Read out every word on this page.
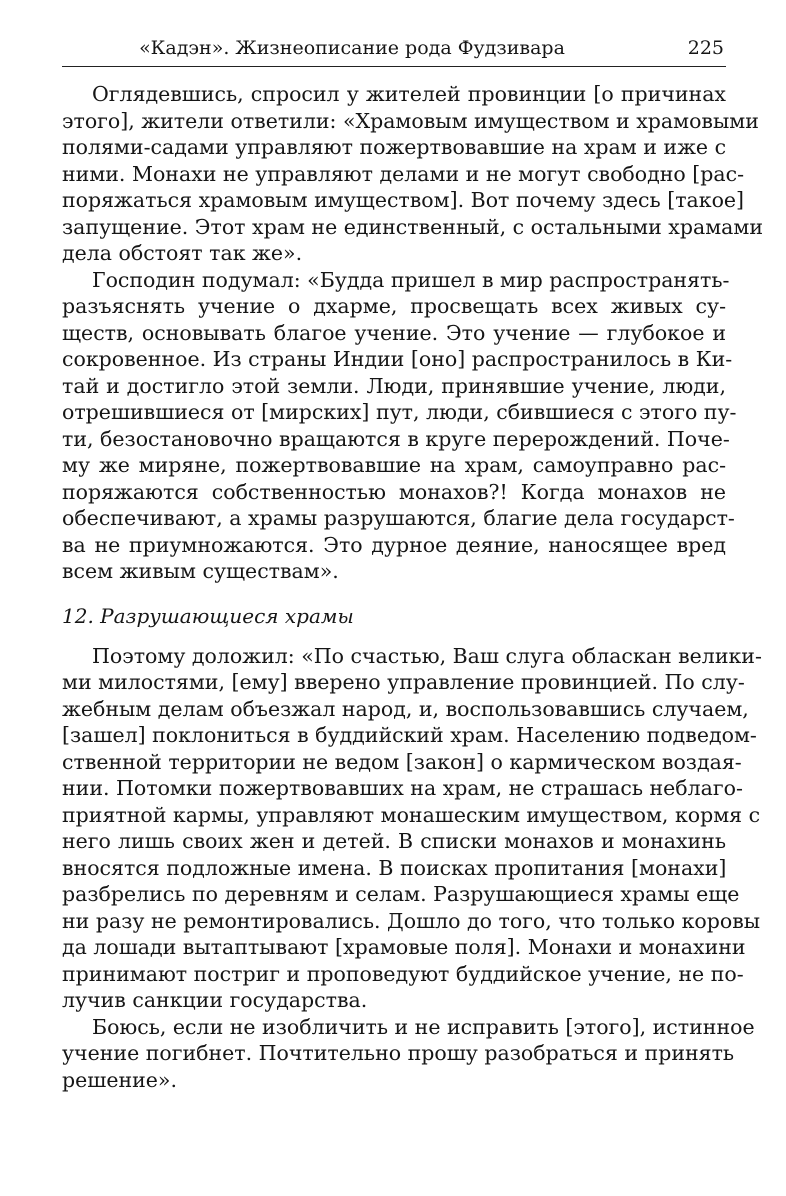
«Кадэн». Жизнеописание рода Фудзивара	225

Оглядевшись, спросил у жителей провинции [о причинах
этого], жители ответили: «Храмовым имуществом и храмовыми
полями-садами управляют пожертвовавшие на храм и иже с
ними. Монахи не управляют делами и не могут свободно [рас-
поряжаться храмовым имуществом]. Вот почему здесь [такое]
запущение. Этот храм не единственный, с остальными храмами
дела обстоят так же».

Господин подумал: «Будда пришел в мир распространять-
разъяснять учение о дхарме, просвещать всех живых су-
ществ, основывать благое учение. Это учение — глубокое и
сокровенное. Из страны Индии [оно] распространилось в Ки-
тай и достигло этой земли. Люди, принявшие учение, люди,
отрешившиеся от [мирских] пут, люди, сбившиеся с этого пу-
ти, безостановочно вращаются в круге перерождений. Поче-
му же миряне, пожертвовавшие на храм, самоуправно рас-
поряжаются собственностью монахов?! Когда монахов не
обеспечивают, а храмы разрушаются, благие дела государст-
ва не приумножаются. Это дурное деяние, наносящее вред
всем живым существам».

12. Разрушающиеся храмы

Поэтому доложил: «По счастью, Ваш слуга обласкан велики-
ми милостями, [ему] вверено управление провинцией. По слу-
жебным делам объезжал народ, и, воспользовавшись случаем,
[зашел] поклониться в буддийский храм. Населению подведом-
ственной территории не ведом [закон] о кармическом воздая-
нии. Потомки пожертвовавших на храм, не страшась неблаго-
приятной кармы, управляют монашеским имуществом, кормя с
него лишь своих жен и детей. В списки монахов и монахинь
вносятся подложные имена. В поисках пропитания [монахи]
разбрелись по деревням и селам. Разрушающиеся храмы еще
ни разу не ремонтировались. Дошло до того, что только коровы
да лошади вытаптывают [храмовые поля]. Монахи и монахини
принимают постриг и проповедуют буддийское учение, не по-
лучив санкции государства.

Боюсь, если не изобличить и не исправить [этого], истинное
учение погибнет. Почтительно прошу разобраться и принять
решение».
